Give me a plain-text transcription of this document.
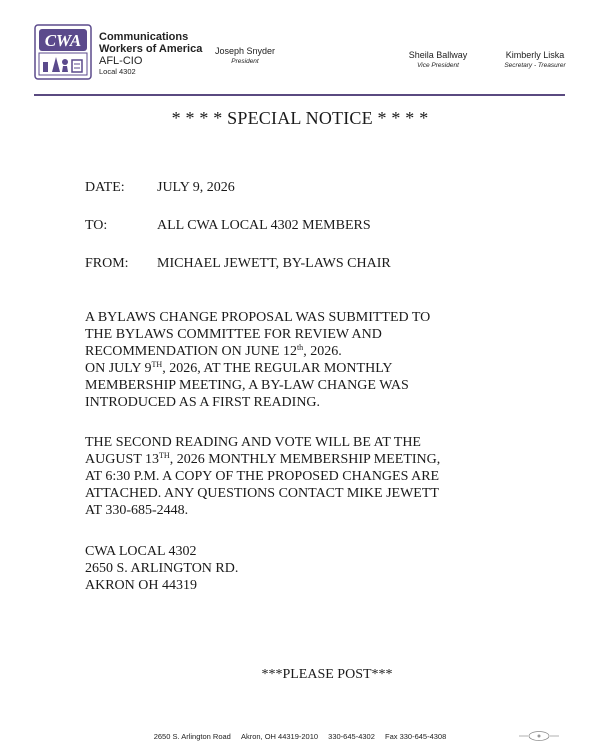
CWA Communications
Workers of America
AFL-CIO
Local 4302
Joseph Snyder
President
Sheila Ballway
Vice President
Kimberly Liska
Secretary - Treasurer
* * * * SPECIAL NOTICE * * * *
DATE: JULY 9, 2026
TO:	ALL CWA LOCAL 4302 MEMBERS
FROM: MICHAEL JEWETT, BY-LAWS CHAIR
A BYLAWS CHANGE PROPOSAL WAS SUBMITTED TO
THE BYLAWS COMMITTEE FOR REVIEW AND
RECOMMENDATION ON JUNE 12th, 2026.
ON JULY 9TH, 2026, AT THE REGULAR MONTHLY
MEMBERSHIP MEETING, A BY-LAW CHANGE WAS
INTRODUCED AS A FIRST READING.
THE SECOND READING AND VOTE WILL BE AT THE
AUGUST 13TH, 2026 MONTHLY MEMBERSHIP MEETING,
AT 6:30 P.M. A COPY OF THE PROPOSED CHANGES ARE
ATTACHED. ANY QUESTIONS CONTACT MIKE JEWETT
AT 330-685-2448.
CWA LOCAL 4302
2650 S. ARLINGTON RD.
AKRON OH 44319
***PLEASE POST***
2650 S. Arlington Road Akron, OH 44319-2010 330-645-4302 Fax 330-645-4308
